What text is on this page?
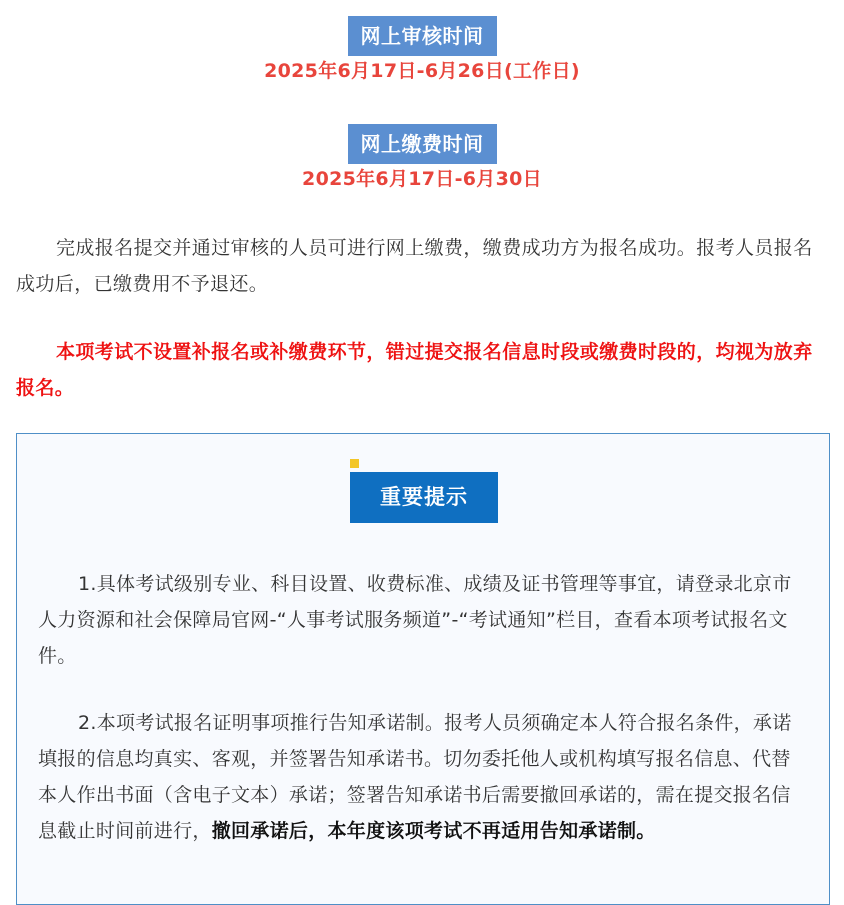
网上审核时间
2025年6月17日-6月26日(工作日)
网上缴费时间
2025年6月17日-6月30日
完成报名提交并通过审核的人员可进行网上缴费，缴费成功方为报名成功。报考人员报名成功后，已缴费用不予退还。
本项考试不设置补报名或补缴费环节，错过提交报名信息时段或缴费时段的，均视为放弃报名。
重要提示
1.具体考试级别专业、科目设置、收费标准、成绩及证书管理等事宜，请登录北京市人力资源和社会保障局官网-“人事考试服务频道”-“考试通知”栏目，查看本项考试报名文件。
2.本项考试报名证明事项推行告知承诺制。报考人员须确定本人符合报名条件，承诺填报的信息均真实、客观，并签署告知承诺书。切勿委托他人或机构填写报名信息、代替本人作出书面（含电子文本）承诺；签署告知承诺书后需要撤回承诺的，需在提交报名信息截止时间前进行，撤回承诺后，本年度该项考试不再适用告知承诺制。
